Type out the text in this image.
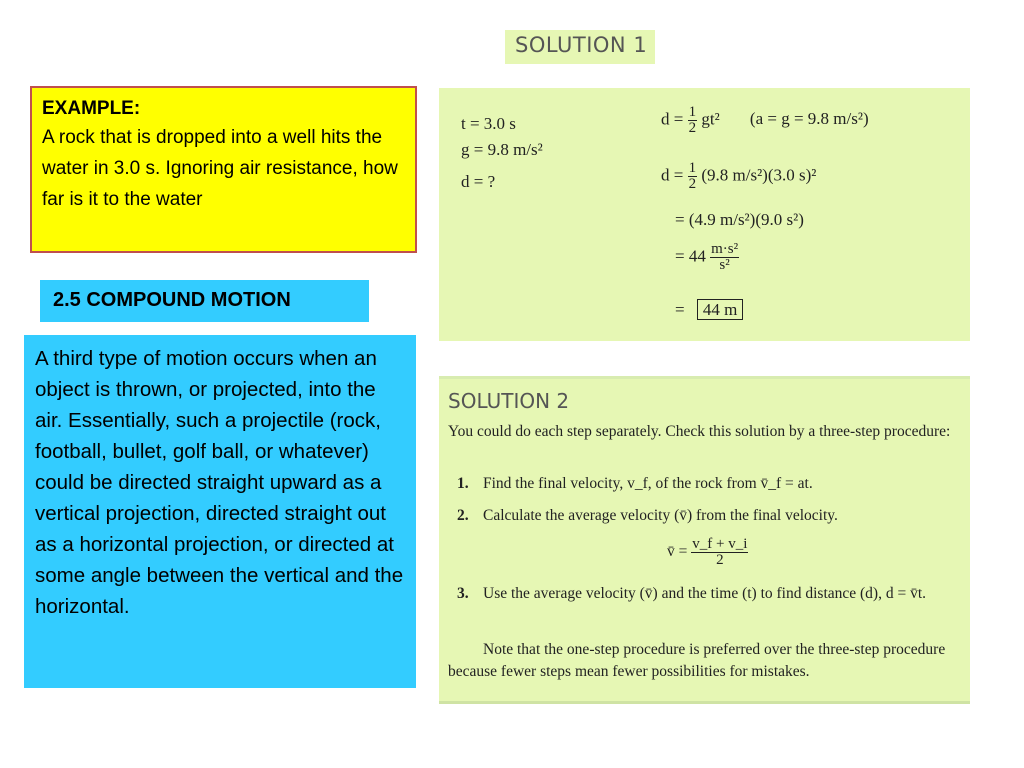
SOLUTION 1
EXAMPLE:
A rock that is dropped into a well hits the water in 3.0 s. Ignoring air resistance, how far is it to the water
2.5 COMPOUND MOTION
A third type of motion occurs when an object is thrown, or projected, into the air. Essentially, such a projectile (rock, football, bullet, golf ball, or whatever) could be directed straight upward as a vertical projection, directed straight out as a horizontal projection, or directed at some angle between the vertical and the horizontal.
t = 3.0 s
g = 9.8 m/s²
d = ?
$d = \frac{1}{2} gt^2$ (a = g = 9.8 m/s²)
$d = \frac{1}{2} (9.8$ m/s²)(3.0 s)²
= (4.9 m/s²)(9.0 s²)
= $44 \frac{\text{m·s²}}{\text{s²}}$
= 44 m
SOLUTION 2
You could do each step separately. Check this solution by a three-step procedure:
1. Find the final velocity, v_f, of the rock from v̄_f = at.
2. Calculate the average velocity (v̄) from the final velocity.
v̄ = $\frac{v\_f + v\_i}{2}$
3. Use the average velocity (v̄) and the time (t) to find distance (d), d = v̄t.
Note that the one-step procedure is preferred over the three-step procedure because fewer steps mean fewer possibilities for mistakes.
